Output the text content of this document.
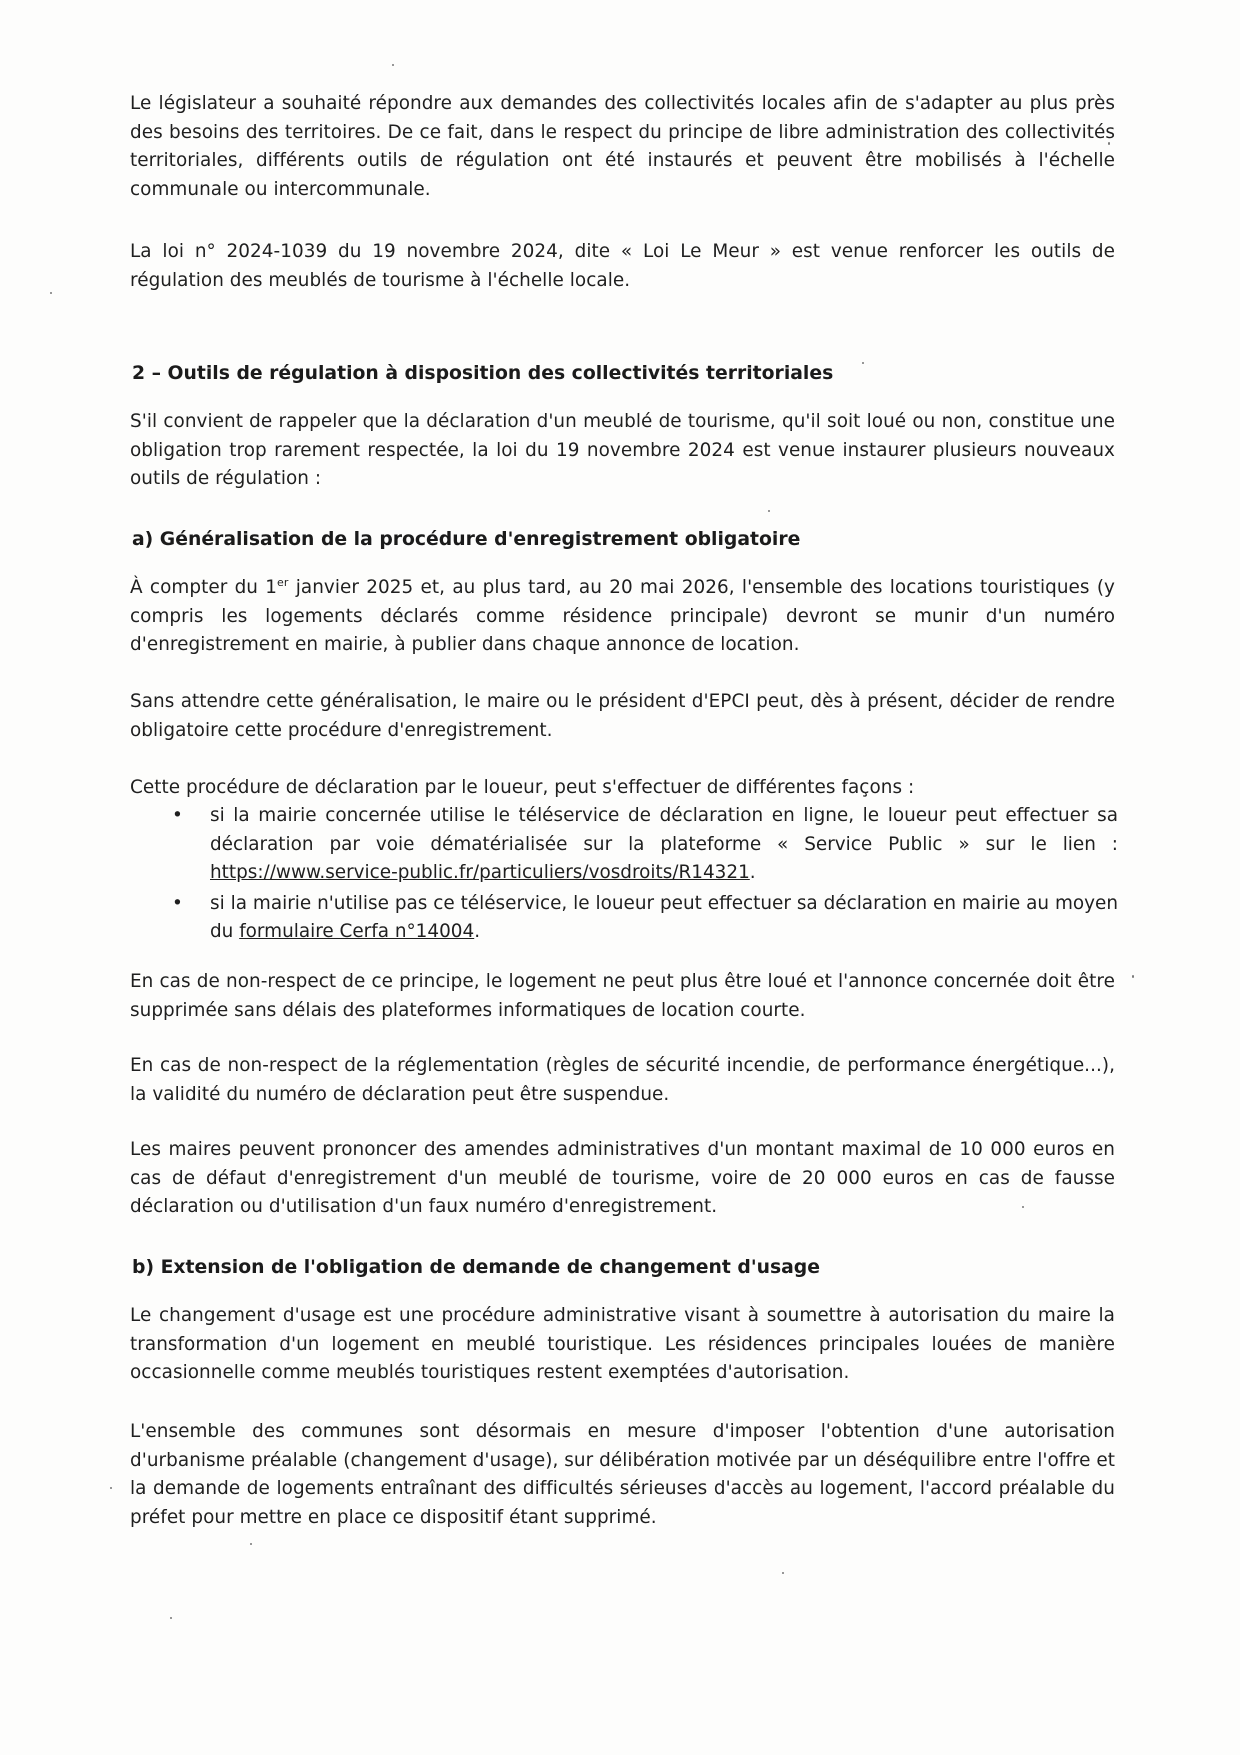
Le législateur a souhaité répondre aux demandes des collectivités locales afin de s'adapter au plus près des besoins des territoires. De ce fait, dans le respect du principe de libre administration des collectivités territoriales, différents outils de régulation ont été instaurés et peuvent être mobilisés à l'échelle communale ou intercommunale.

La loi n° 2024-1039 du 19 novembre 2024, dite « Loi Le Meur » est venue renforcer les outils de régulation des meublés de tourisme à l'échelle locale.

2 – Outils de régulation à disposition des collectivités territoriales

S'il convient de rappeler que la déclaration d'un meublé de tourisme, qu'il soit loué ou non, constitue une obligation trop rarement respectée, la loi du 19 novembre 2024 est venue instaurer plusieurs nouveaux outils de régulation :

a) Généralisation de la procédure d'enregistrement obligatoire

À compter du 1er janvier 2025 et, au plus tard, au 20 mai 2026, l'ensemble des locations touristiques (y compris les logements déclarés comme résidence principale) devront se munir d'un numéro d'enregistrement en mairie, à publier dans chaque annonce de location.

Sans attendre cette généralisation, le maire ou le président d'EPCI peut, dès à présent, décider de rendre obligatoire cette procédure d'enregistrement.

Cette procédure de déclaration par le loueur, peut s'effectuer de différentes façons :

• si la mairie concernée utilise le téléservice de déclaration en ligne, le loueur peut effectuer sa déclaration par voie dématérialisée sur la plateforme « Service Public » sur le lien : https://www.service-public.fr/particuliers/vosdroits/R14321.
• si la mairie n'utilise pas ce téléservice, le loueur peut effectuer sa déclaration en mairie au moyen du formulaire Cerfa n°14004.

En cas de non-respect de ce principe, le logement ne peut plus être loué et l'annonce concernée doit être supprimée sans délais des plateformes informatiques de location courte.

En cas de non-respect de la réglementation (règles de sécurité incendie, de performance énergétique...), la validité du numéro de déclaration peut être suspendue.

Les maires peuvent prononcer des amendes administratives d'un montant maximal de 10 000 euros en cas de défaut d'enregistrement d'un meublé de tourisme, voire de 20 000 euros en cas de fausse déclaration ou d'utilisation d'un faux numéro d'enregistrement.

b) Extension de l'obligation de demande de changement d'usage

Le changement d'usage est une procédure administrative visant à soumettre à autorisation du maire la transformation d'un logement en meublé touristique. Les résidences principales louées de manière occasionnelle comme meublés touristiques restent exemptées d'autorisation.

L'ensemble des communes sont désormais en mesure d'imposer l'obtention d'une autorisation d'urbanisme préalable (changement d'usage), sur délibération motivée par un déséquilibre entre l'offre et la demande de logements entraînant des difficultés sérieuses d'accès au logement, l'accord préalable du préfet pour mettre en place ce dispositif étant supprimé.
